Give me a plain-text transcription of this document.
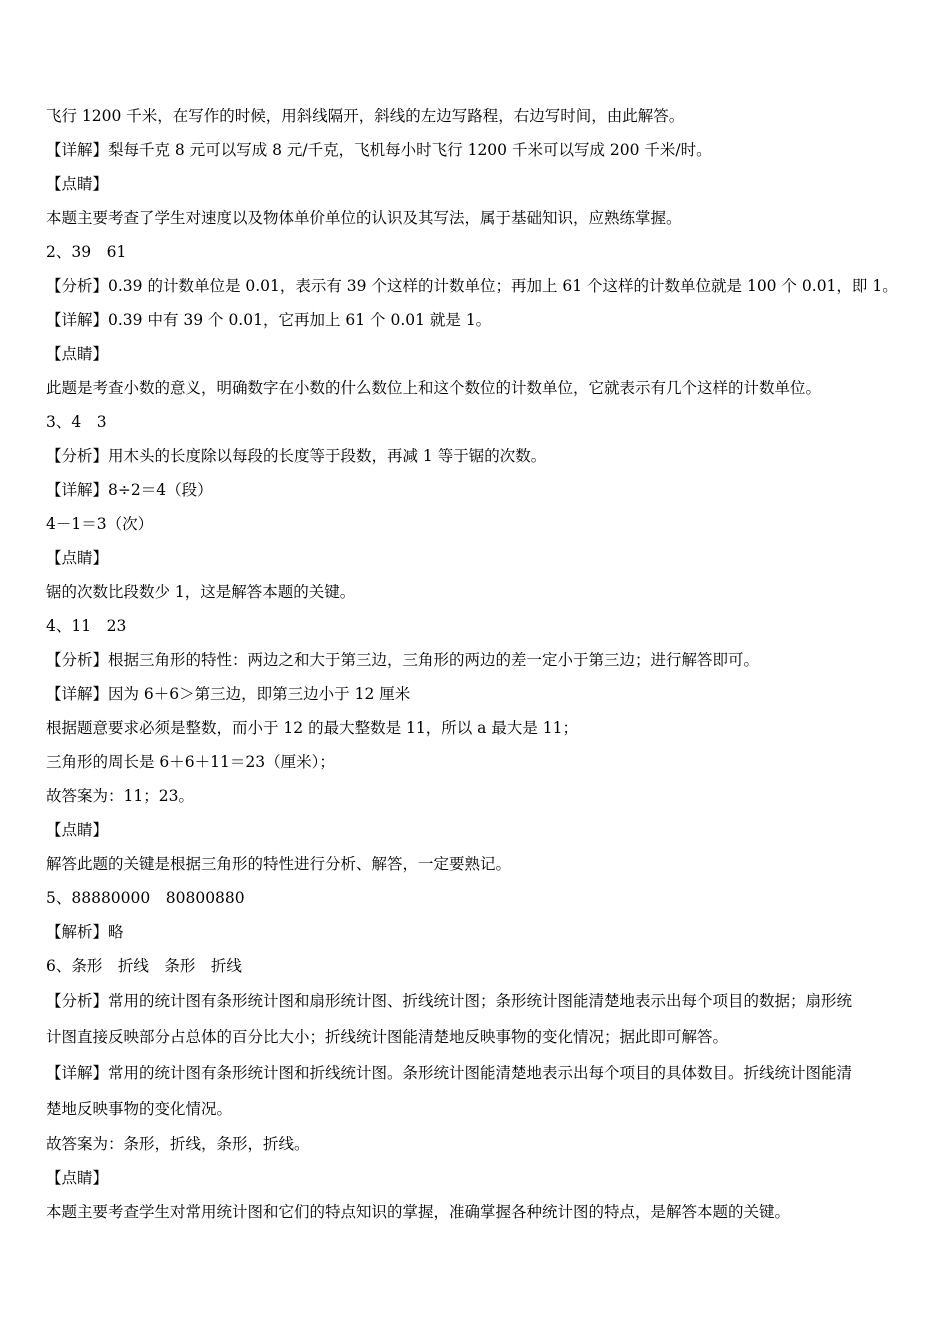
飞行 1200 千米，在写作的时候，用斜线隔开，斜线的左边写路程，右边写时间，由此解答。
【详解】梨每千克 8 元可以写成 8 元/千克，飞机每小时飞行 1200 千米可以写成 200 千米/时。
【点睛】
本题主要考查了学生对速度以及物体单价单位的认识及其写法，属于基础知识，应熟练掌握。
2、39　61
【分析】0.39 的计数单位是 0.01，表示有 39 个这样的计数单位；再加上 61 个这样的计数单位就是 100 个 0.01，即 1。
【详解】0.39 中有 39 个 0.01，它再加上 61 个 0.01 就是 1。
【点睛】
此题是考查小数的意义，明确数字在小数的什么数位上和这个数位的计数单位，它就表示有几个这样的计数单位。
3、4　3
【分析】用木头的长度除以每段的长度等于段数，再减 1 等于锯的次数。
【详解】8÷2＝4（段）
4－1＝3（次）
【点睛】
锯的次数比段数少 1，这是解答本题的关键。
4、11　23
【分析】根据三角形的特性：两边之和大于第三边，三角形的两边的差一定小于第三边；进行解答即可。
【详解】因为 6＋6＞第三边，即第三边小于 12 厘米
根据题意要求必须是整数，而小于 12 的最大整数是 11，所以 a 最大是 11；
三角形的周长是 6＋6＋11＝23（厘米）；
故答案为：11；23。
【点睛】
解答此题的关键是根据三角形的特性进行分析、解答，一定要熟记。
5、88880000　80800880
【解析】略
6、条形　折线　条形　折线
【分析】常用的统计图有条形统计图和扇形统计图、折线统计图；条形统计图能清楚地表示出每个项目的数据；扇形统
计图直接反映部分占总体的百分比大小；折线统计图能清楚地反映事物的变化情况；据此即可解答。
【详解】常用的统计图有条形统计图和折线统计图。条形统计图能清楚地表示出每个项目的具体数目。折线统计图能清
楚地反映事物的变化情况。
故答案为：条形，折线，条形，折线。
【点睛】
本题主要考查学生对常用统计图和它们的特点知识的掌握，准确掌握各种统计图的特点，是解答本题的关键。
